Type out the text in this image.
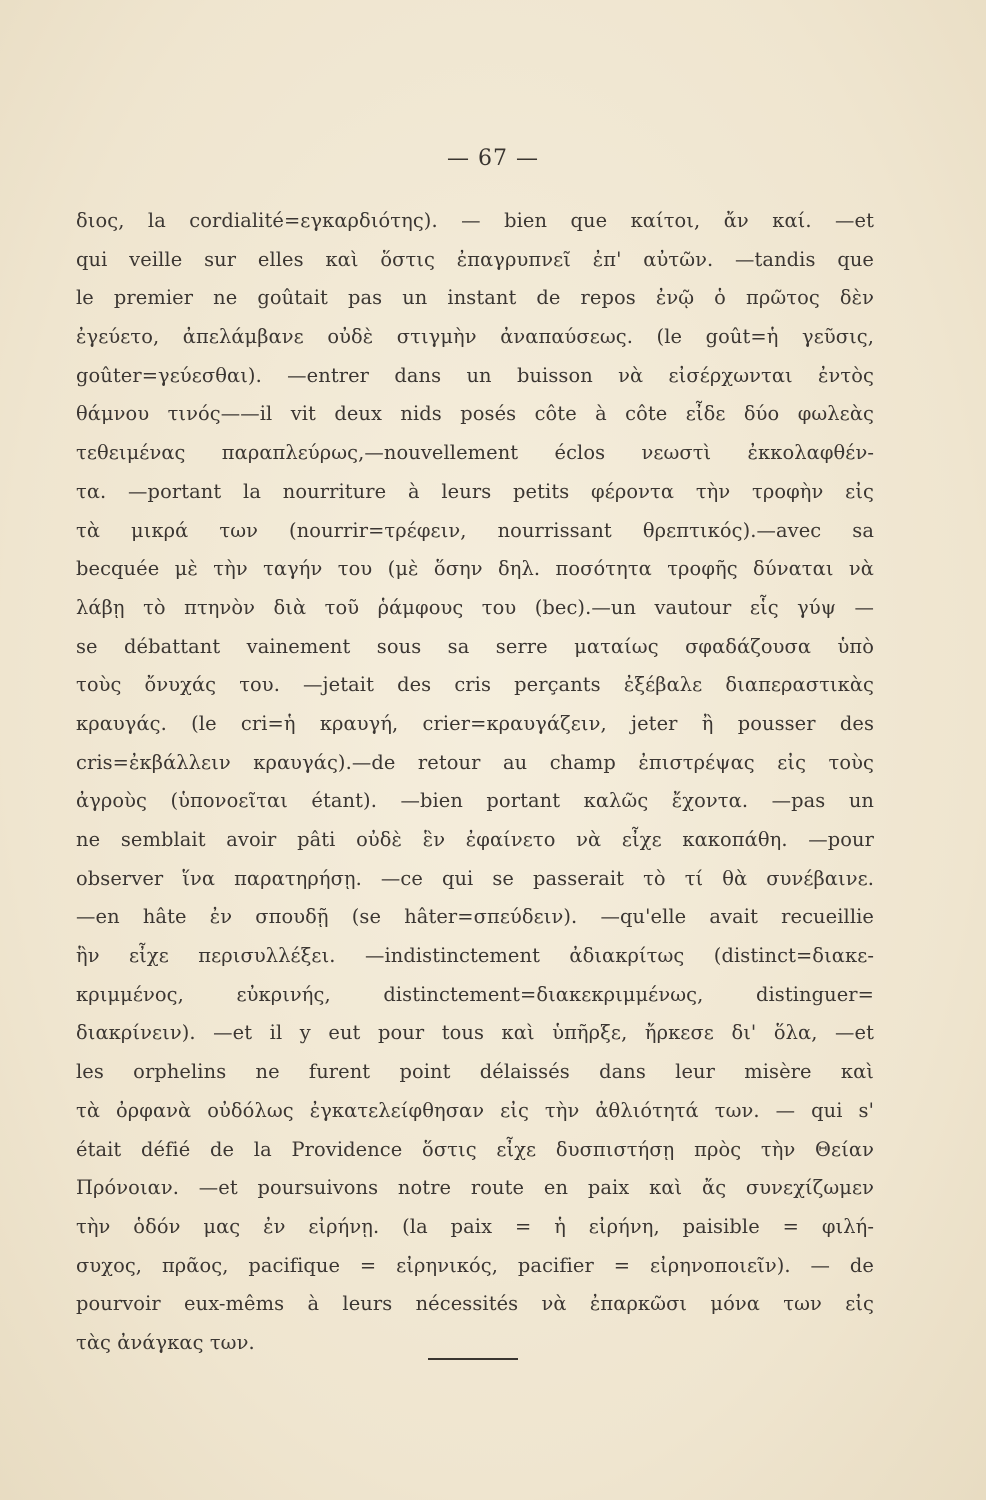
— 67 —
διος, la cordialité=εγκαρδιότης). — bien que καίτοι, ἄν καί. —et
qui veille sur elles καὶ ὅστις ἐπαγρυπνεῖ ἐπ' αὐτῶν. —tandis que
le premier ne goûtait pas un instant de repos ἐνῷ ὁ πρῶτος δὲν
ἐγεύετο, ἀπελάμβανε οὐδὲ στιγμὴν ἀναπαύσεως. (le goût=ἡ γεῦσις,
goûter=γεύεσθαι). —entrer dans un buisson νὰ εἰσέρχωνται ἐντὸς
θάμνου τινός——il vit deux nids posés côte à côte εἶδε δύο φωλεὰς
τεθειμένας παραπλεύρως,—nouvellement éclos νεωστὶ ἐκκολαφθέν-
τα. —portant la nourriture à leurs petits φέροντα τὴν τροφὴν εἰς
τὰ μικρά των (nourrir=τρέφειν, nourrissant θρεπτικός).—avec sa
becquée μὲ τὴν ταγήν του (μὲ ὅσην δηλ. ποσότητα τροφῆς δύναται νὰ
λάβῃ τὸ πτηνὸν διὰ τοῦ ῥάμφους του (bec).—un vautour εἷς γύψ —
se débattant vainement sous sa serre ματαίως σφαδάζουσα ὑπὸ
τοὺς ὄνυχάς του. —jetait des cris perçants ἐξέβαλε διαπεραστικὰς
κραυγάς. (le cri=ἡ κραυγή, crier=κραυγάζειν, jeter ἢ pousser des
cris=ἐκβάλλειν κραυγάς).—de retour au champ ἐπιστρέψας εἰς τοὺς
ἀγροὺς (ὑπονοεῖται étant). —bien portant καλῶς ἔχοντα. —pas un
ne semblait avoir pâti οὐδὲ ἓν ἐφαίνετο νὰ εἶχε κακοπάθη. —pour
observer ἵνα παρατηρήσῃ. —ce qui se passerait τὸ τί θὰ συνέβαινε.
—en hâte ἐν σπουδῇ (se hâter=σπεύδειν). —qu'elle avait recueillie
ἣν εἶχε περισυλλέξει. —indistinctement ἀδιακρίτως (distinct=διακε-
κριμμένος, εὐκρινής, distinctement=διακεκριμμένως, distinguer=
διακρίνειν). —et il y eut pour tous καὶ ὑπῆρξε, ἤρκεσε δι' ὅλα, —et
les orphelins ne furent point délaissés dans leur misère καὶ
τὰ ὀρφανὰ οὐδόλως ἐγκατελείφθησαν εἰς τὴν ἀθλιότητά των. — qui s'
était défié de la Providence ὅστις εἶχε δυσπιστήσῃ πρὸς τὴν Θείαν
Πρόνοιαν. —et poursuivons notre route en paix καὶ ἄς συνεχίζωμεν
τὴν ὁδόν μας ἐν εἰρήνῃ. (la paix = ἡ εἰρήνη, paisible = φιλή-
συχος, πρᾶος, pacifique = εἰρηνικός, pacifier = εἰρηνοποιεῖν). — de
pourvoir eux-mêms à leurs nécessités νὰ ἐπαρκῶσι μόνα των εἰς
τὰς ἀνάγκας των.
